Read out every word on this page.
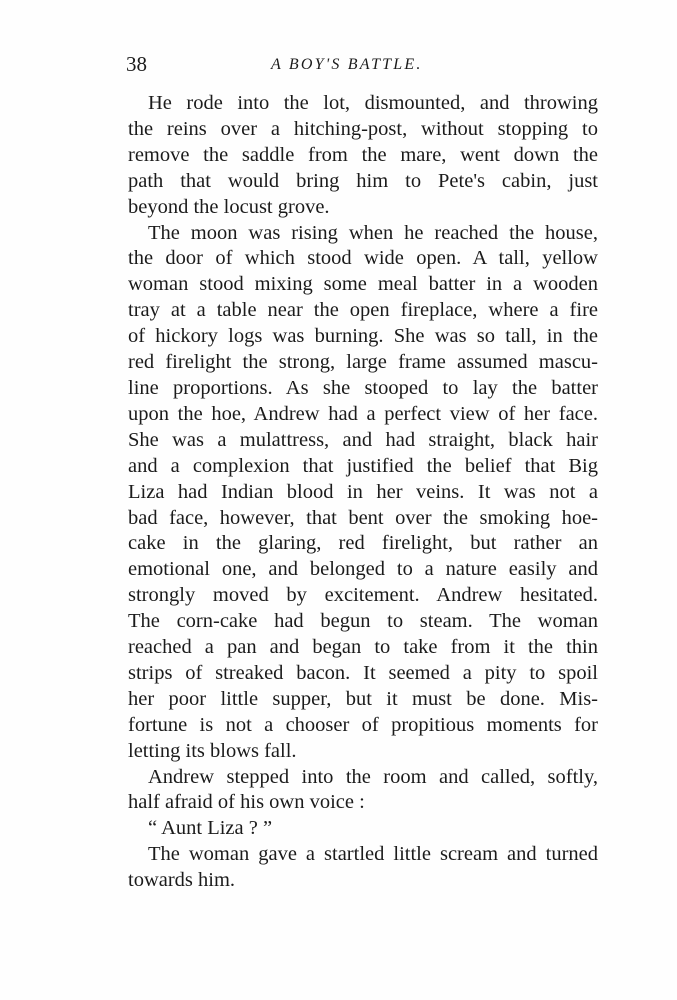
38	A BOY'S BATTLE.
He rode into the lot, dismounted, and throwing
the reins over a hitching-post, without stopping to
remove the saddle from the mare, went down the
path that would bring him to Pete's cabin, just
beyond the locust grove.
The moon was rising when he reached the house,
the door of which stood wide open. A tall, yellow
woman stood mixing some meal batter in a wooden
tray at a table near the open fireplace, where a fire
of hickory logs was burning. She was so tall, in the
red firelight the strong, large frame assumed mascu-
line proportions. As she stooped to lay the batter
upon the hoe, Andrew had a perfect view of her face.
She was a mulattress, and had straight, black hair
and a complexion that justified the belief that Big
Liza had Indian blood in her veins. It was not a
bad face, however, that bent over the smoking hoe-
cake in the glaring, red firelight, but rather an
emotional one, and belonged to a nature easily and
strongly moved by excitement. Andrew hesitated.
The corn-cake had begun to steam. The woman
reached a pan and began to take from it the thin
strips of streaked bacon. It seemed a pity to spoil
her poor little supper, but it must be done. Mis-
fortune is not a chooser of propitious moments for
letting its blows fall.
Andrew stepped into the room and called, softly,
half afraid of his own voice :
“ Aunt Liza ? ”
The woman gave a startled little scream and turned
towards him.
